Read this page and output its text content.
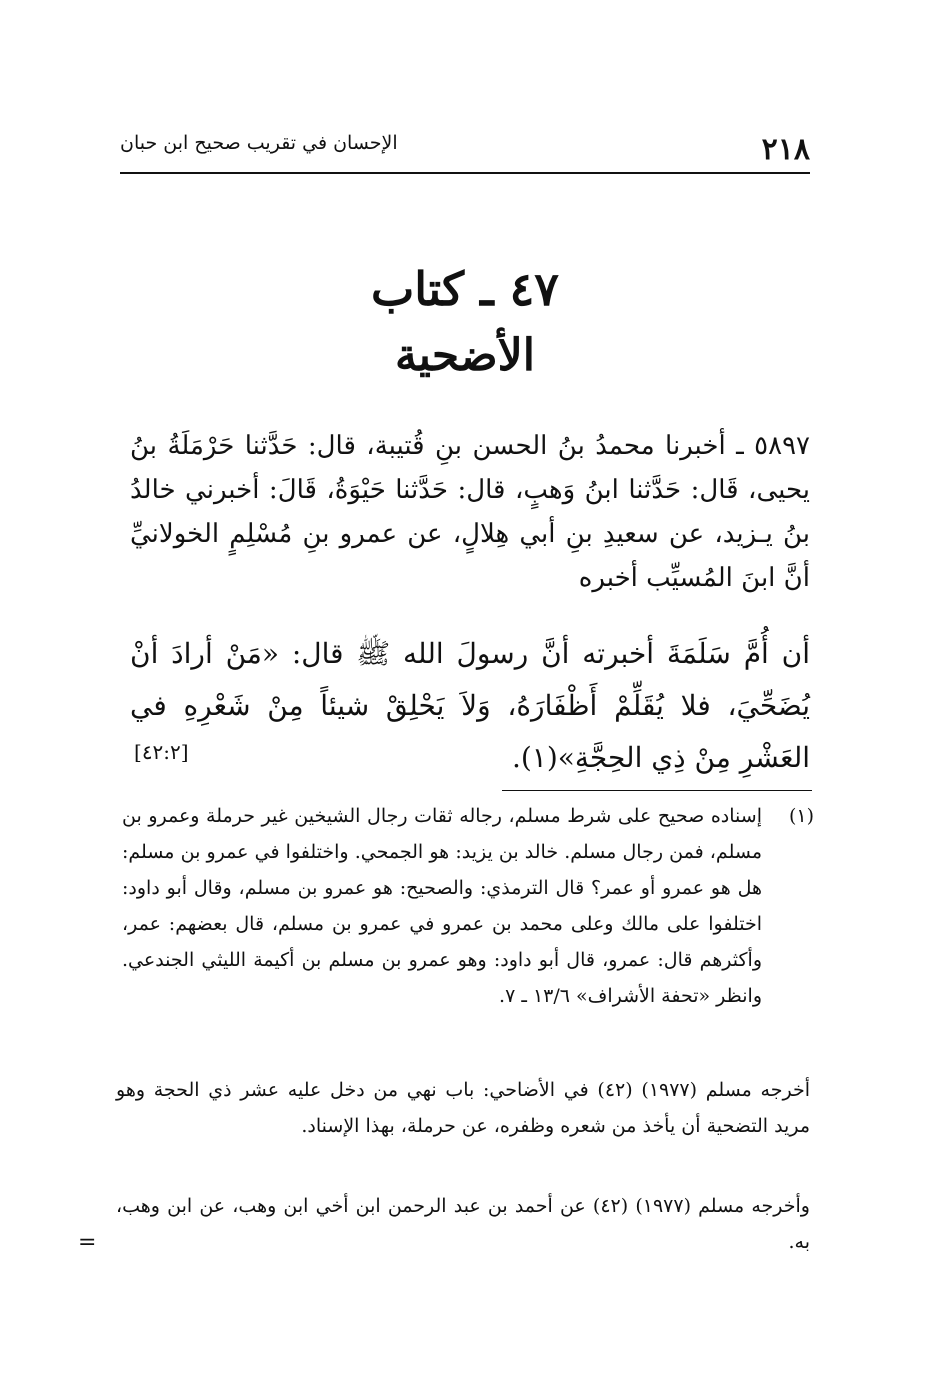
٢١٨
الإحسان في تقريب صحيح ابن حبان
٤٧ ـ كتاب
الأضحية
٥٨٩٧ ـ أخبرنا محمدُ بنُ الحسن بنِ قُتيبة، قال: حَدَّثنا حَرْمَلَةُ بنُ يحيى، قَال: حَدَّثنا ابنُ وَهبٍ، قال: حَدَّثنا حَيْوَةُ، قَالَ: أخبرني خالدُ بنُ يـزيد، عن سعيدِ بنِ أبي هِلالٍ، عن عمرو بنِ مُسْلِمٍ الخولانيِّ أنَّ ابنَ المُسيِّب أخبره
أن أُمَّ سَلَمَةَ أخبرته أنَّ رسولَ الله ﷺ قال: «مَنْ أرادَ أنْ يُضَحِّيَ، فلا يُقَلِّمْ أَظْفَارَهُ، وَلاَ يَحْلِقْ شيئاً مِنْ شَعْرِهِ في العَشْرِ مِنْ ذِي الحِجَّةِ»(١).
[٤٢:٢]
(١)
إسناده صحيح على شرط مسلم، رجاله ثقات رجال الشيخين غير حرملة وعمرو بن مسلم، فمن رجال مسلم. خالد بن يزيد: هو الجمحي. واختلفوا في عمرو بن مسلم: هل هو عمرو أو عمر؟ قال الترمذي: والصحيح: هو عمرو بن مسلم، وقال أبو داود: اختلفوا على مالك وعلى محمد بن عمرو في عمرو بن مسلم، قال بعضهم: عمر، وأكثرهم قال: عمرو، قال أبو داود: وهو عمرو بن مسلم بن أكيمة الليثي الجندعي. وانظر «تحفة الأشراف» ١٣/٦ ـ ٧.
أخرجه مسلم (١٩٧٧) (٤٢) في الأضاحي: باب نهي من دخل عليه عشر ذي الحجة وهو مريد التضحية أن يأخذ من شعره وظفره، عن حرملة، بهذا الإسناد.
وأخرجه مسلم (١٩٧٧) (٤٢) عن أحمد بن عبد الرحمن ابن أخي ابن وهب، عن ابن وهب، به.
=
